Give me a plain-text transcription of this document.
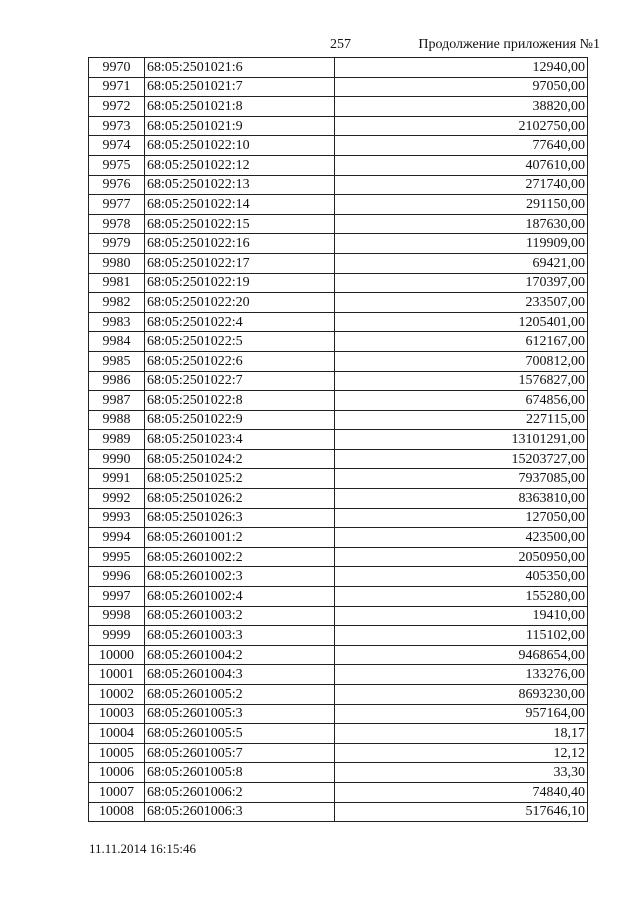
257	Продолжение приложения №1
9970	68:05:2501021:6	12940,00
9971	68:05:2501021:7	97050,00
9972	68:05:2501021:8	38820,00
9973	68:05:2501021:9	2102750,00
9974	68:05:2501022:10	77640,00
9975	68:05:2501022:12	407610,00
9976	68:05:2501022:13	271740,00
9977	68:05:2501022:14	291150,00
9978	68:05:2501022:15	187630,00
9979	68:05:2501022:16	119909,00
9980	68:05:2501022:17	69421,00
9981	68:05:2501022:19	170397,00
9982	68:05:2501022:20	233507,00
9983	68:05:2501022:4	1205401,00
9984	68:05:2501022:5	612167,00
9985	68:05:2501022:6	700812,00
9986	68:05:2501022:7	1576827,00
9987	68:05:2501022:8	674856,00
9988	68:05:2501022:9	227115,00
9989	68:05:2501023:4	13101291,00
9990	68:05:2501024:2	15203727,00
9991	68:05:2501025:2	7937085,00
9992	68:05:2501026:2	8363810,00
9993	68:05:2501026:3	127050,00
9994	68:05:2601001:2	423500,00
9995	68:05:2601002:2	2050950,00
9996	68:05:2601002:3	405350,00
9997	68:05:2601002:4	155280,00
9998	68:05:2601003:2	19410,00
9999	68:05:2601003:3	115102,00
10000	68:05:2601004:2	9468654,00
10001	68:05:2601004:3	133276,00
10002	68:05:2601005:2	8693230,00
10003	68:05:2601005:3	957164,00
10004	68:05:2601005:5	18,17
10005	68:05:2601005:7	12,12
10006	68:05:2601005:8	33,30
10007	68:05:2601006:2	74840,40
10008	68:05:2601006:3	517646,10
11.11.2014 16:15:46
